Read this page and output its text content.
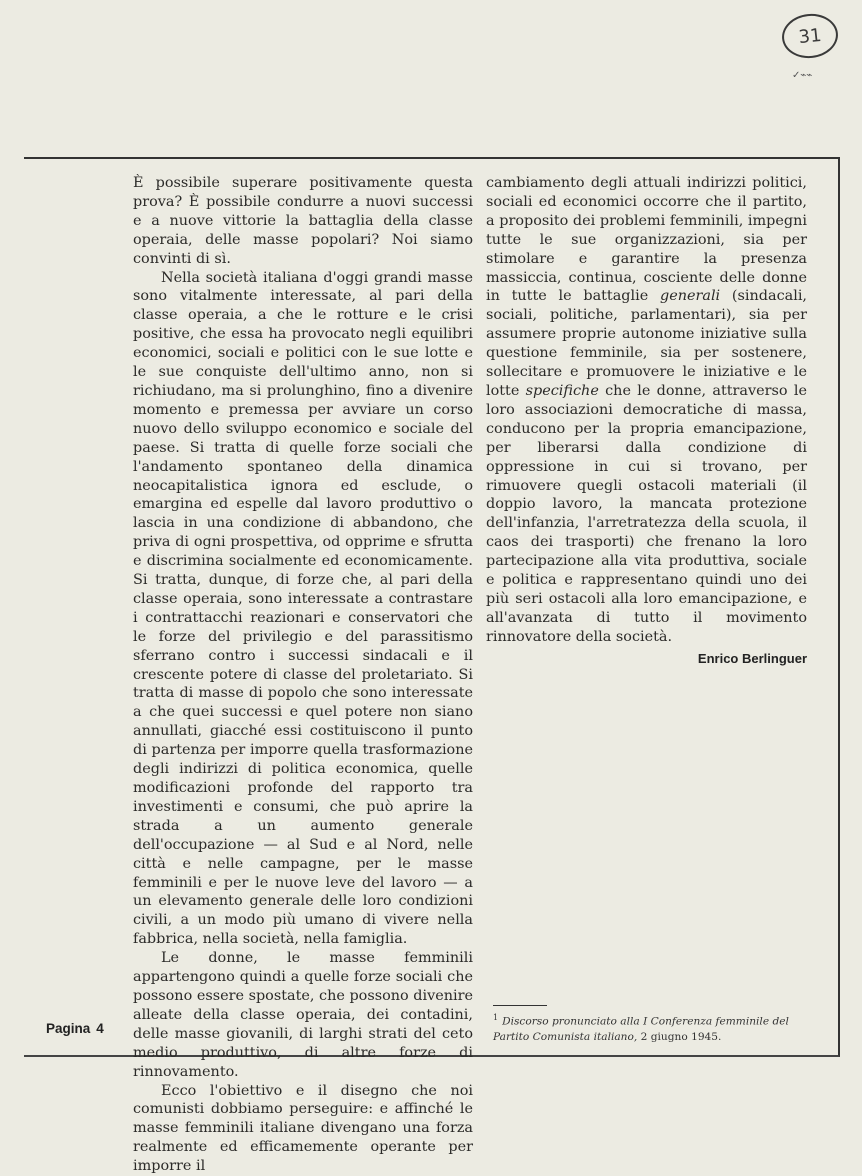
31
✓⌁⌁

È possibile superare positivamente questa prova? È possibile condurre a nuovi successi e a nuove vittorie la battaglia della classe operaia, delle masse popolari? Noi siamo convinti di sì.

Nella società italiana d'oggi grandi masse sono vitalmente interessate, al pari della classe operaia, a che le rotture e le crisi positive, che essa ha provocato negli equilibri economici, sociali e politici con le sue lotte e le sue conquiste dell'ultimo anno, non si richiudano, ma si prolunghino, fino a divenire momento e premessa per avviare un corso nuovo dello sviluppo economico e sociale del paese. Si tratta di quelle forze sociali che l'andamento spontaneo della dinamica neocapitalistica ignora ed esclude, o emargina ed espelle dal lavoro produttivo o lascia in una condizione di abbandono, che priva di ogni prospettiva, od opprime e sfrutta e discrimina socialmente ed economicamente. Si tratta, dunque, di forze che, al pari della classe operaia, sono interessate a contrastare i contrattacchi reazionari e conservatori che le forze del privilegio e del parassitismo sferrano contro i successi sindacali e il crescente potere di classe del proletariato. Si tratta di masse di popolo che sono interessate a che quei successi e quel potere non siano annullati, giacché essi costituiscono il punto di partenza per imporre quella trasformazione degli indirizzi di politica economica, quelle modificazioni profonde del rapporto tra investimenti e consumi, che può aprire la strada a un aumento generale dell'occupazione — al Sud e al Nord, nelle città e nelle campagne, per le masse femminili e per le nuove leve del lavoro — a un elevamento generale delle loro condizioni civili, a un modo più umano di vivere nella fabbrica, nella società, nella famiglia.

Le donne, le masse femminili appartengono quindi a quelle forze sociali che possono essere spostate, che possono divenire alleate della classe operaia, dei contadini, delle masse giovanili, di larghi strati del ceto medio produttivo, di altre forze di rinnovamento.

Ecco l'obiettivo e il disegno che noi comunisti dobbiamo perseguire: e affinché le masse femminili italiane divengano una forza realmente ed efficamemente operante per imporre il

cambiamento degli attuali indirizzi politici, sociali ed economici occorre che il partito, a proposito dei problemi femminili, impegni tutte le sue organizzazioni, sia per stimolare e garantire la presenza massiccia, continua, cosciente delle donne in tutte le battaglie generali (sindacali, sociali, politiche, parlamentari), sia per assumere proprie autonome iniziative sulla questione femminile, sia per sostenere, sollecitare e promuovere le iniziative e le lotte specifiche che le donne, attraverso le loro associazioni democratiche di massa, conducono per la propria emancipazione, per liberarsi dalla condizione di oppressione in cui si trovano, per rimuovere quegli ostacoli materiali (il doppio lavoro, la mancata protezione dell'infanzia, l'arretratezza della scuola, il caos dei trasporti) che frenano la loro partecipazione alla vita produttiva, sociale e politica e rappresentano quindi uno dei più seri ostacoli alla loro emancipazione, e all'avanzata di tutto il movimento rinnovatore della società.

Enrico Berlinguer
$^1$ Discorso pronunciato alla I Conferenza femminile del Partito Comunista italiano, 2 giugno 1945.
Pagina 4
